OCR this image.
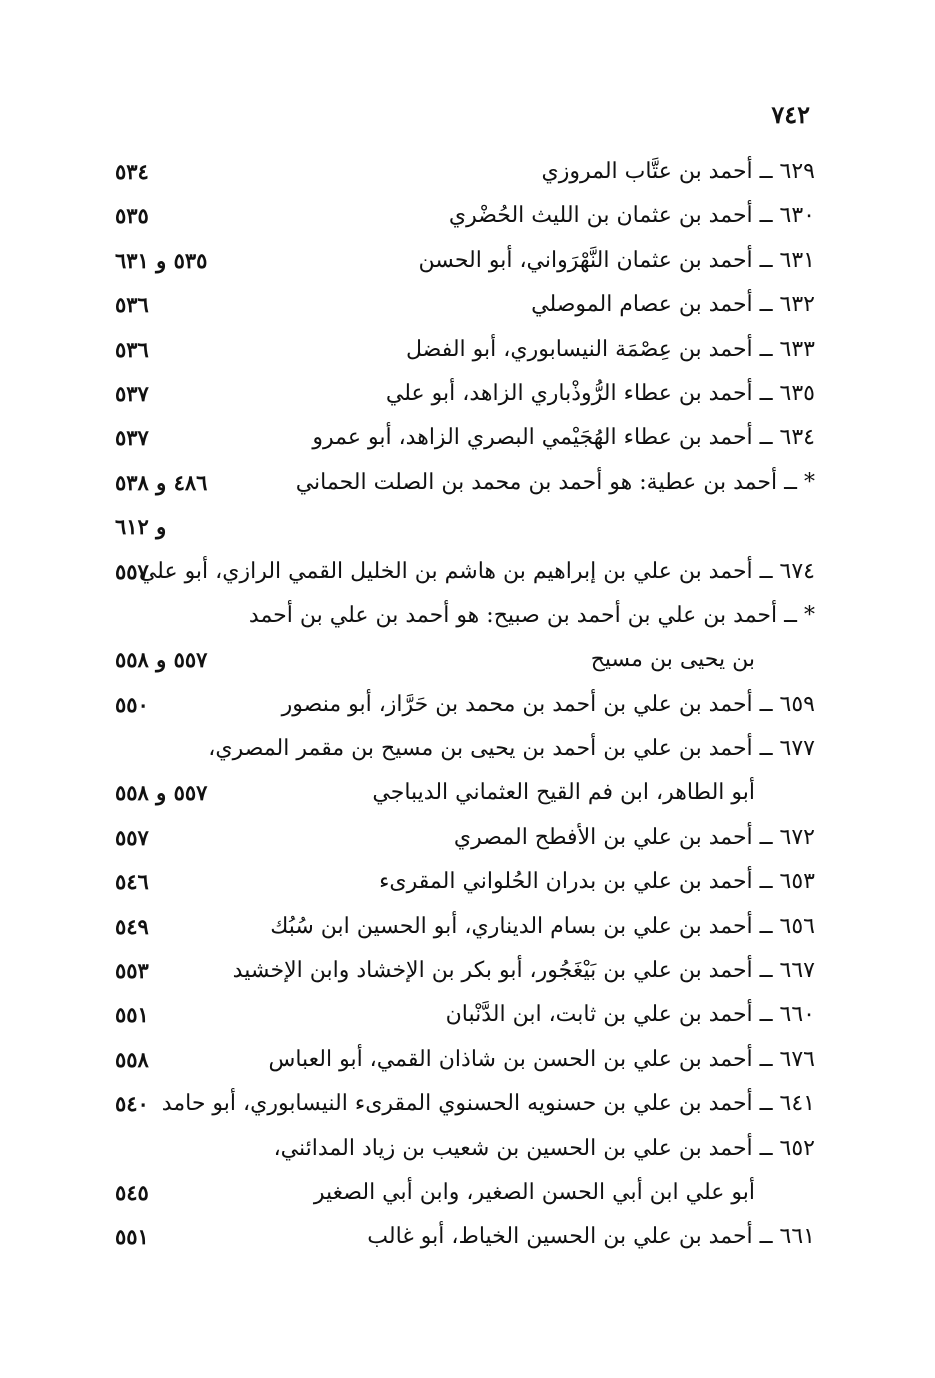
٧٤٢
٦٢٩ ــ أحمد بن عتَّاب المروزي
٥٣٤
٦٣٠ ــ أحمد بن عثمان بن الليث الحُضْري
٥٣٥
٦٣١ ــ أحمد بن عثمان النَّهْرَواني، أبو الحسن
٥٣٥ و ٦٣١
٦٣٢ ــ أحمد بن عصام الموصلي
٥٣٦
٦٣٣ ــ أحمد بن عِصْمَة النيسابوري، أبو الفضل
٥٣٦
٦٣٥ ــ أحمد بن عطاء الرُّوذْباري الزاهد، أبو علي
٥٣٧
٦٣٤ ــ أحمد بن عطاء الهُجَيْمي البصري الزاهد، أبو عمرو
٥٣٧
* ــ أحمد بن عطية: هو أحمد بن محمد بن الصلت الحماني
٤٨٦ و ٥٣٨
و ٦١٢
٦٧٤ ــ أحمد بن علي بن إبراهيم بن هاشم بن الخليل القمي الرازي، أبو علي
٥٥٧
* ــ أحمد بن علي بن أحمد بن صبيح: هو أحمد بن علي بن أحمد
بن يحيى بن مسيح
٥٥٧ و ٥٥٨
٦٥٩ ــ أحمد بن علي بن أحمد بن محمد بن حَرَّاز، أبو منصور
٥٥٠
٦٧٧ ــ أحمد بن علي بن أحمد بن يحيى بن مسيح بن مقمر المصري،
أبو الطاهر، ابن فم القيح العثماني الديباجي
٥٥٧ و ٥٥٨
٦٧٢ ــ أحمد بن علي بن الأفطح المصري
٥٥٧
٦٥٣ ــ أحمد بن علي بن بدران الحُلواني المقرىء
٥٤٦
٦٥٦ ــ أحمد بن علي بن بسام الديناري، أبو الحسين ابن سُبُك
٥٤٩
٦٦٧ ــ أحمد بن علي بن بَيْغَجُور، أبو بكر بن الإخشاد وابن الإخشيد
٥٥٣
٦٦٠ ــ أحمد بن علي بن ثابت، ابن الدَّنْبان
٥٥١
٦٧٦ ــ أحمد بن علي بن الحسن بن شاذان القمي، أبو العباس
٥٥٨
٦٤١ ــ أحمد بن علي بن حسنويه الحسنوي المقرىء النيسابوري، أبو حامد
٥٤٠
٦٥٢ ــ أحمد بن علي بن الحسين بن شعيب بن زياد المدائني،
أبو علي ابن أبي الحسن الصغير، وابن أبي الصغير
٥٤٥
٦٦١ ــ أحمد بن علي بن الحسين الخياط، أبو غالب
٥٥١
